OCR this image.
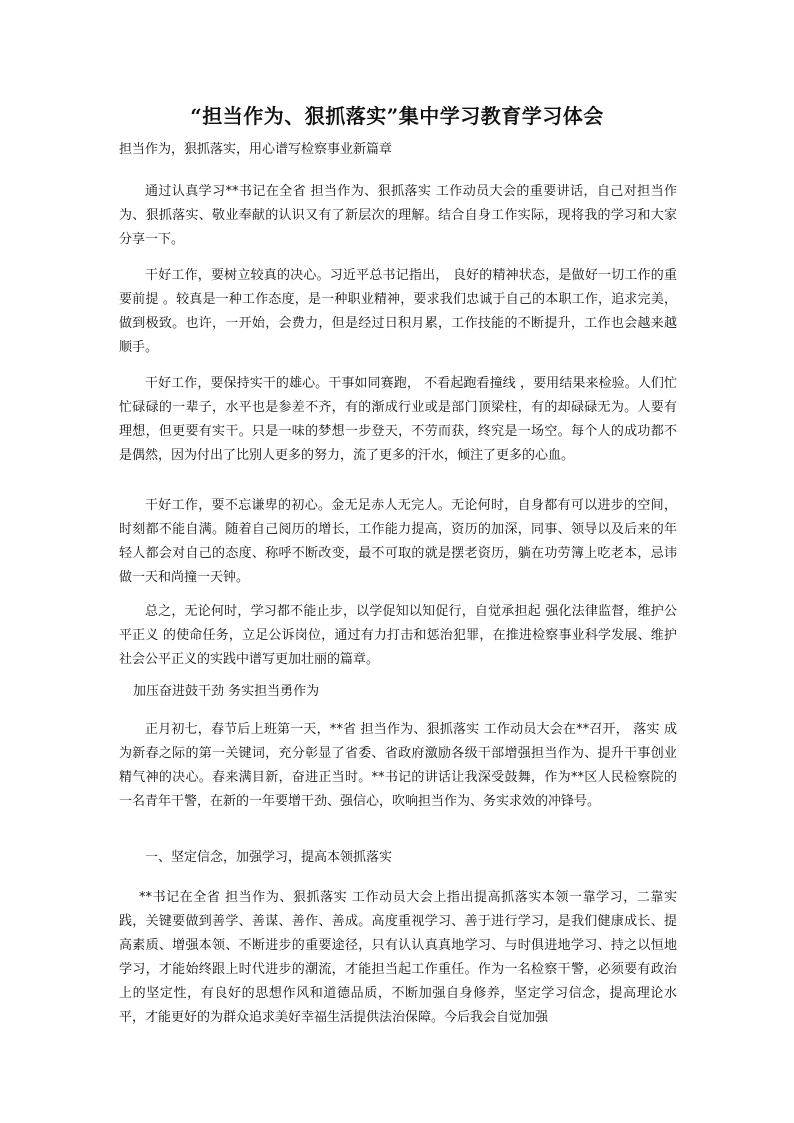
“担当作为、狠抓落实”集中学习教育学习体会
担当作为，狠抓落实，用心谱写检察事业新篇章

通过认真学习**书记在全省 担当作为、狠抓落实 工作动员大会的重要讲话，自己对担当作为、狠抓落实、敬业奉献的认识又有了新层次的理解。结合自身工作实际，现将我的学习和大家分享一下。

干好工作，要树立较真的决心。习近平总书记指出， 良好的精神状态，是做好一切工作的重要前提 。较真是一种工作态度，是一种职业精神，要求我们忠诚于自己的本职工作，追求完美，做到极致。也许，一开始，会费力，但是经过日积月累，工作技能的不断提升，工作也会越来越顺手。

干好工作，要保持实干的雄心。干事如同赛跑， 不看起跑看撞线 ，要用结果来检验。人们忙忙碌碌的一辈子，水平也是参差不齐，有的渐成行业或是部门顶梁柱，有的却碌碌无为。人要有理想，但更要有实干。只是一味的梦想一步登天，不劳而获，终究是一场空。每个人的成功都不是偶然，因为付出了比别人更多的努力，流了更多的汗水，倾注了更多的心血。

干好工作，要不忘谦卑的初心。金无足赤人无完人。无论何时，自身都有可以进步的空间，时刻都不能自满。随着自己阅历的增长，工作能力提高，资历的加深，同事、领导以及后来的年轻人都会对自己的态度、称呼不断改变，最不可取的就是摆老资历，躺在功劳簿上吃老本，忌讳做一天和尚撞一天钟。

总之，无论何时，学习都不能止步，以学促知以知促行，自觉承担起 强化法律监督，维护公平正义 的使命任务，立足公诉岗位，通过有力打击和惩治犯罪，在推进检察事业科学发展、维护社会公平正义的实践中谱写更加壮丽的篇章。

加压奋进鼓干劲 务实担当勇作为

正月初七，春节后上班第一天，**省 担当作为、狠抓落实 工作动员大会在**召开， 落实 成为新春之际的第一关键词，充分彰显了省委、省政府激励各级干部增强担当作为、提升干事创业精气神的决心。春来满目新，奋进正当时。**书记的讲话让我深受鼓舞，作为**区人民检察院的一名青年干警，在新的一年要增干劲、强信心，吹响担当作为、务实求效的冲锋号。

一、坚定信念，加强学习，提高本领抓落实

**书记在全省 担当作为、狠抓落实 工作动员大会上指出提高抓落实本领一靠学习，二靠实践，关键要做到善学、善谋、善作、善成。高度重视学习、善于进行学习，是我们健康成长、提高素质、增强本领、不断进步的重要途径，只有认认真真地学习、与时俱进地学习、持之以恒地学习，才能始终跟上时代进步的潮流，才能担当起工作重任。作为一名检察干警，必须要有政治上的坚定性，有良好的思想作风和道德品质，不断加强自身修养，坚定学习信念，提高理论水平，才能更好的为群众追求美好幸福生活提供法治保障。今后我会自觉加强
